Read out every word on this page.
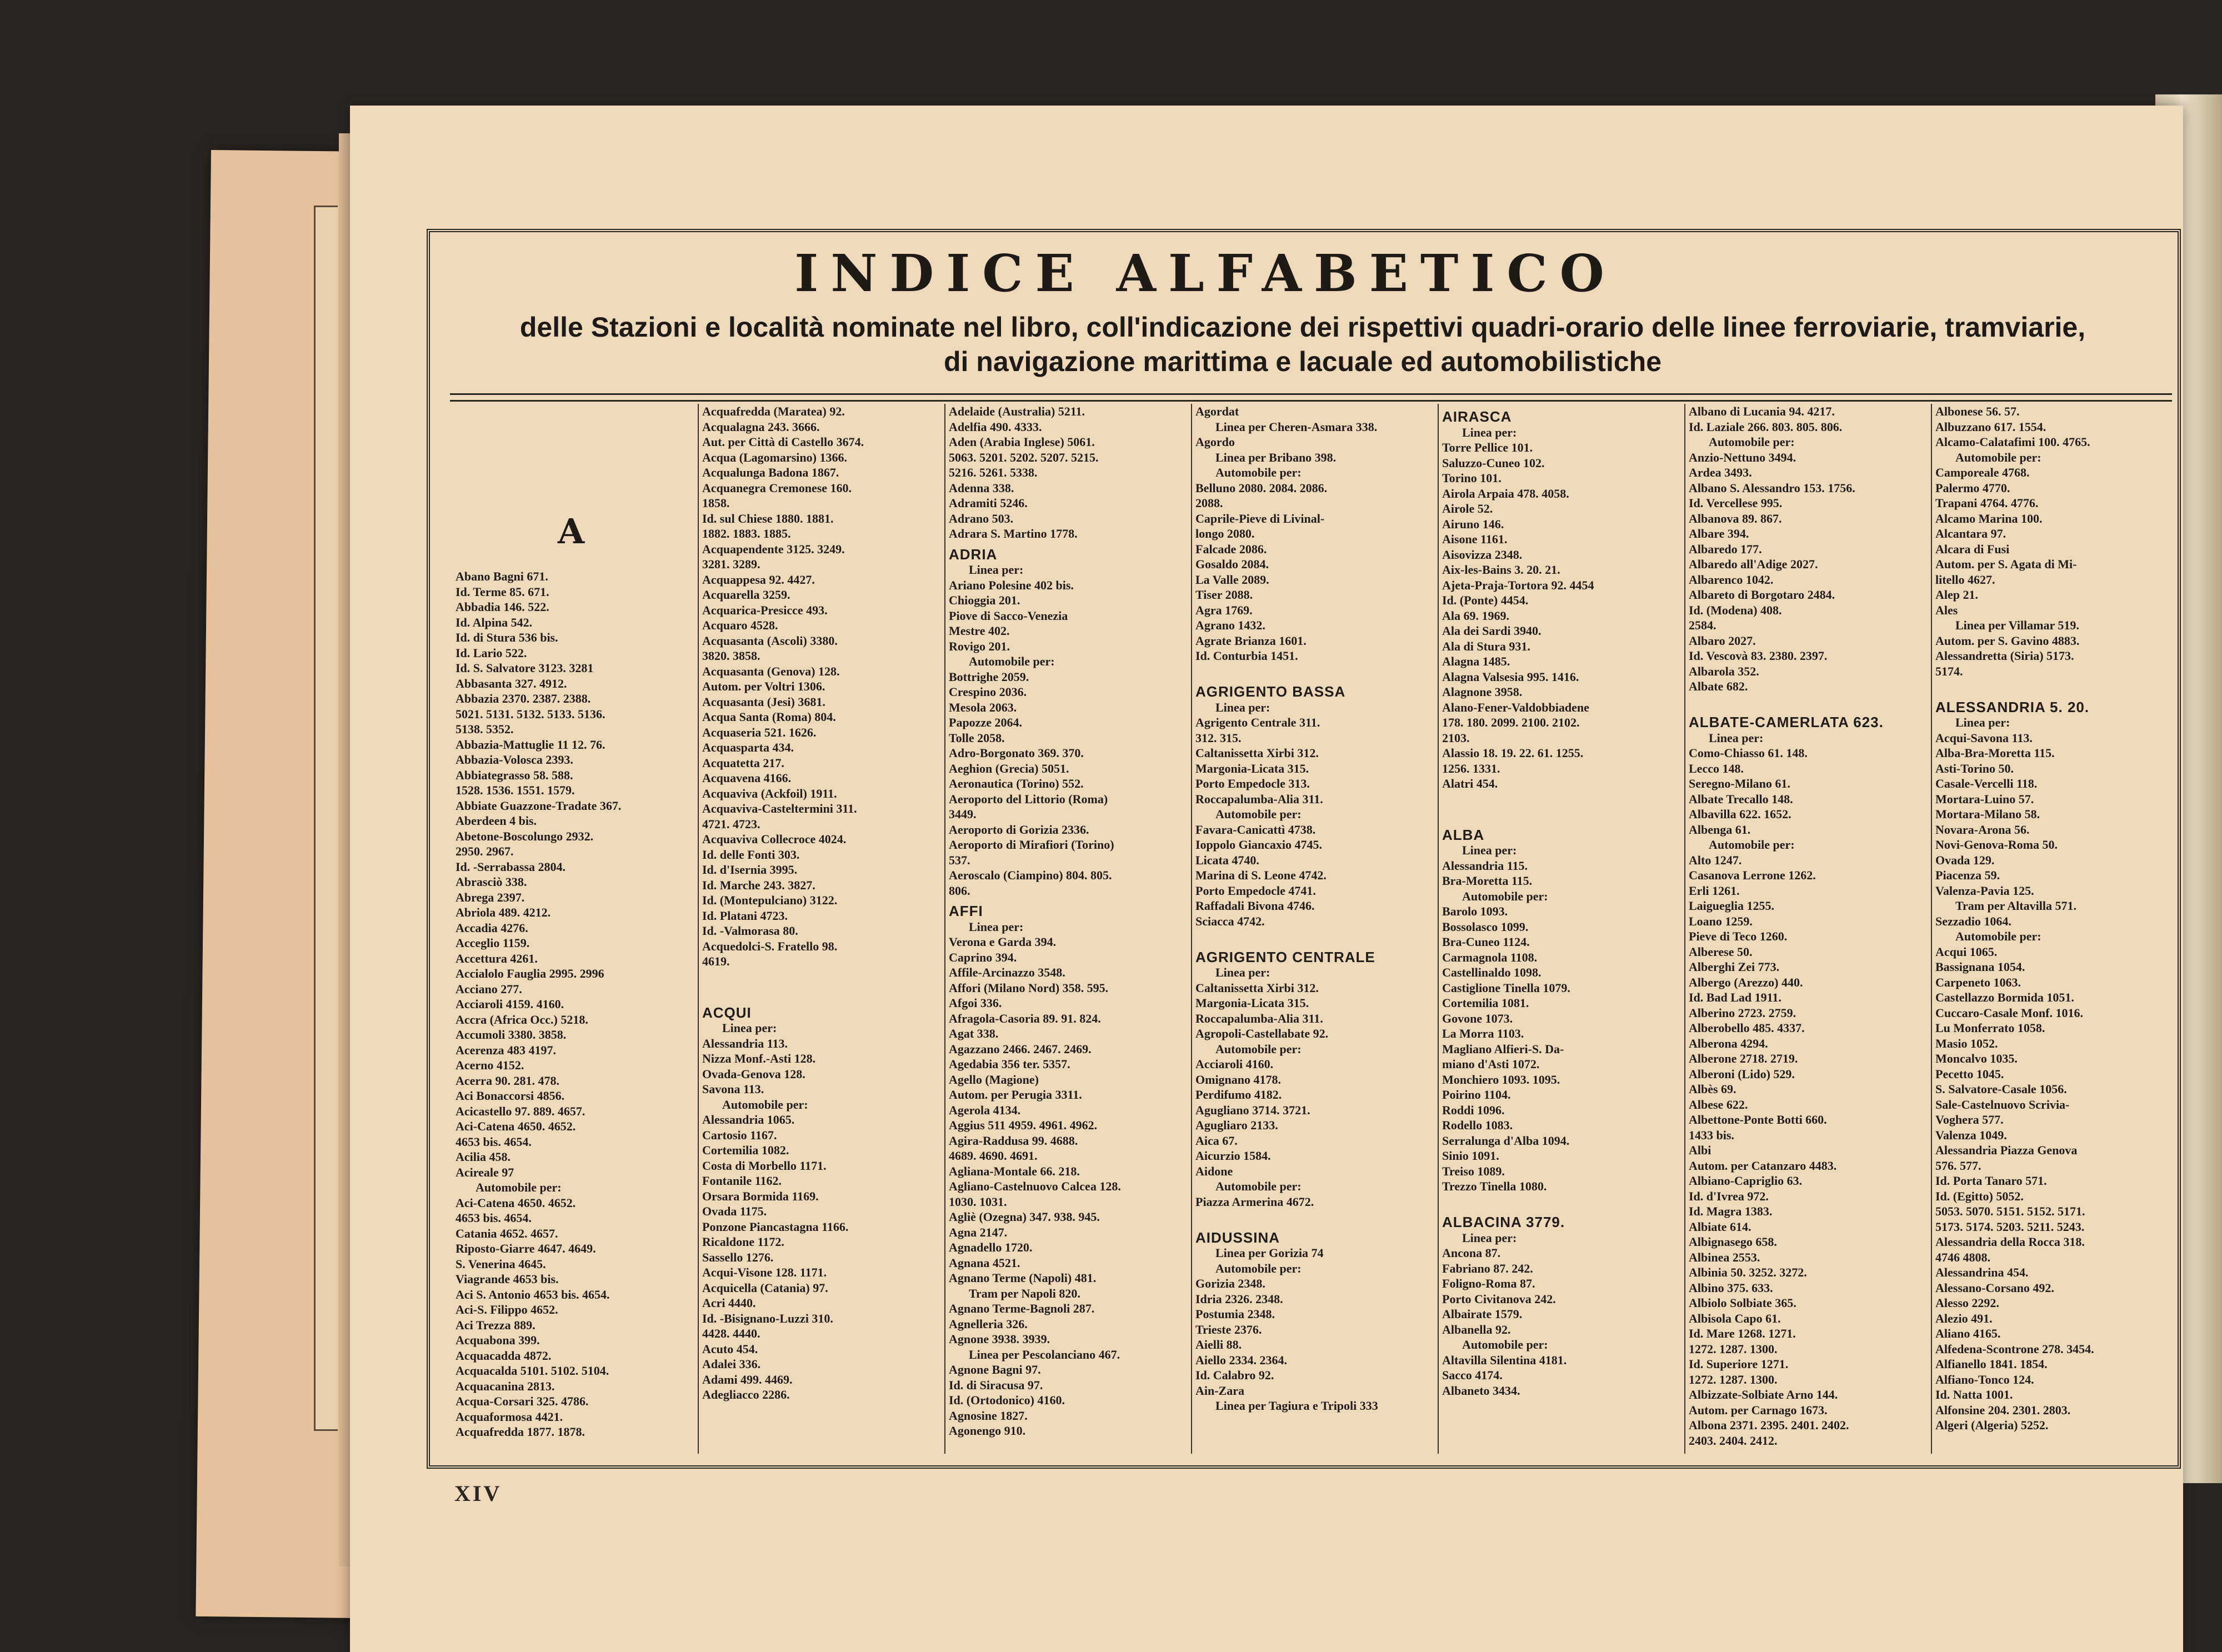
INDICE ALFABETICO
delle Stazioni e località nominate nel libro, coll'indicazione dei rispettivi quadri-orario delle linee ferroviarie, tramviarie,
di navigazione marittima e lacuale ed automobilistiche
A
Abano Bagni 671.
Id. Terme 85. 671.
Abbadia 146. 522.
Id. Alpina 542.
Id. di Stura 536 bis.
Id. Lario 522.
Id. S. Salvatore 3123. 3281
Abbasanta 327. 4912.
Abbazia 2370. 2387. 2388.
5021. 5131. 5132. 5133. 5136.
5138. 5352.
Abbazia-Mattuglie 11 12. 76.
Abbazia-Volosca 2393.
Abbiategrasso 58. 588.
1528. 1536. 1551. 1579.
Abbiate Guazzone-Tradate 367.
Aberdeen 4 bis.
Abetone-Boscolungo 2932.
2950. 2967.
Id. -Serrabassa 2804.
Abrasciò 338.
Abrega 2397.
Abriola 489. 4212.
Accadia 4276.
Acceglio 1159.
Accettura 4261.
Accialolo Fauglia 2995. 2996
Acciano 277.
Acciaroli 4159. 4160.
Accra (Africa Occ.) 5218.
Accumoli 3380. 3858.
Acerenza 483 4197.
Acerno 4152.
Acerra 90. 281. 478.
Aci Bonaccorsi 4856.
Acicastello 97. 889. 4657.
Aci-Catena 4650. 4652.
4653 bis. 4654.
Acilia 458.
Acireale 97
Automobile per:
Aci-Catena 4650. 4652.
4653 bis. 4654.
Catania 4652. 4657.
Riposto-Giarre 4647. 4649.
S. Venerina 4645.
Viagrande 4653 bis.
Aci S. Antonio 4653 bis. 4654.
Aci-S. Filippo 4652.
Aci Trezza 889.
Acquabona 399.
Acquacadda 4872.
Acquacalda 5101. 5102. 5104.
Acquacanina 2813.
Acqua-Corsari 325. 4786.
Acquaformosa 4421.
Acquafredda 1877. 1878.
Acquafredda (Maratea) 92.
Acqualagna 243. 3666.
Aut. per Città di Castello 3674.
Acqua (Lagomarsino) 1366.
Acqualunga Badona 1867.
Acquanegra Cremonese 160.
1858.
Id. sul Chiese 1880. 1881.
1882. 1883. 1885.
Acquapendente 3125. 3249.
3281. 3289.
Acquappesa 92. 4427.
Acquarella 3259.
Acquarica-Presicce 493.
Acquaro 4528.
Acquasanta (Ascoli) 3380.
3820. 3858.
Acquasanta (Genova) 128.
Autom. per Voltri 1306.
Acquasanta (Jesi) 3681.
Acqua Santa (Roma) 804.
Acquaseria 521. 1626.
Acquasparta 434.
Acquatetta 217.
Acquavena 4166.
Acquaviva (Ackfoil) 1911.
Acquaviva-Casteltermini 311.
4721. 4723.
Acquaviva Collecroce 4024.
Id. delle Fonti 303.
Id. d'Isernia 3995.
Id. Marche 243. 3827.
Id. (Montepulciano) 3122.
Id. Platani 4723.
Id. -Valmorasa 80.
Acquedolci-S. Fratello 98.
4619.

ACQUI
Linea per:
Alessandria 113.
Nizza Monf.-Asti 128.
Ovada-Genova 128.
Savona 113.
Automobile per:
Alessandria 1065.
Cartosio 1167.
Cortemilia 1082.
Costa di Morbello 1171.
Fontanile 1162.
Orsara Bormida 1169.
Ovada 1175.
Ponzone Piancastagna 1166.
Ricaldone 1172.
Sassello 1276.
Acqui-Visone 128. 1171.
Acquicella (Catania) 97.
Acri 4440.
Id. -Bisignano-Luzzi 310.
4428. 4440.
Acuto 454.
Adalei 336.
Adami 499. 4469.
Adegliacco 2286.
Adelaide (Australia) 5211.
Adelfia 490. 4333.
Aden (Arabia Inglese) 5061.
5063. 5201. 5202. 5207. 5215.
5216. 5261. 5338.
Adenna 338.
Adramiti 5246.
Adrano 503.
Adrara S. Martino 1778.
ADRIA
Linea per:
Ariano Polesine 402 bis.
Chioggia 201.
Piove di Sacco-Venezia
Mestre 402.
Rovigo 201.
Automobile per:
Bottrighe 2059.
Crespino 2036.
Mesola 2063.
Papozze 2064.
Tolle 2058.
Adro-Borgonato 369. 370.
Aeghion (Grecia) 5051.
Aeronautica (Torino) 552.
Aeroporto del Littorio (Roma)
3449.
Aeroporto di Gorizia 2336.
Aeroporto di Mirafiori (Torino)
537.
Aeroscalo (Ciampino) 804. 805.
806.
AFFI
Linea per:
Verona e Garda 394.
Caprino 394.
Affile-Arcinazzo 3548.
Affori (Milano Nord) 358. 595.
Afgoi 336.
Afragola-Casoria 89. 91. 824.
Agat 338.
Agazzano 2466. 2467. 2469.
Agedabia 356 ter. 5357.
Agello (Magione)
Autom. per Perugia 3311.
Agerola 4134.
Aggius 511 4959. 4961. 4962.
Agira-Raddusa 99. 4688.
4689. 4690. 4691.
Agliana-Montale 66. 218.
Agliano-Castelnuovo Calcea 128.
1030. 1031.
Agliè (Ozegna) 347. 938. 945.
Agna 2147.
Agnadello 1720.
Agnana 4521.
Agnano Terme (Napoli) 481.
Tram per Napoli 820.
Agnano Terme-Bagnoli 287.
Agnelleria 326.
Agnone 3938. 3939.
Linea per Pescolanciano 467.
Agnone Bagni 97.
Id. di Siracusa 97.
Id. (Ortodonico) 4160.
Agnosine 1827.
Agonengo 910.
Agordat
Linea per Cheren-Asmara 338.
Agordo
Linea per Bribano 398.
Automobile per:
Belluno 2080. 2084. 2086.
2088.
Caprile-Pieve di Livinal-
longo 2080.
Falcade 2086.
Gosaldo 2084.
La Valle 2089.
Tiser 2088.
Agra 1769.
Agrano 1432.
Agrate Brianza 1601.
Id. Conturbia 1451.

AGRIGENTO BASSA
Linea per:
Agrigento Centrale 311.
312. 315.
Caltanissetta Xirbi 312.
Margonia-Licata 315.
Porto Empedocle 313.
Roccapalumba-Alia 311.
Automobile per:
Favara-Canicattì 4738.
Ioppolo Giancaxio 4745.
Licata 4740.
Marina di S. Leone 4742.
Porto Empedocle 4741.
Raffadali Bivona 4746.
Sciacca 4742.

AGRIGENTO CENTRALE
Linea per:
Caltanissetta Xirbi 312.
Margonia-Licata 315.
Roccapalumba-Alia 311.
Agropoli-Castellabate 92.
Automobile per:
Acciaroli 4160.
Omignano 4178.
Perdifumo 4182.
Agugliano 3714. 3721.
Agugliaro 2133.
Aica 67.
Aicurzio 1584.
Aidone
Automobile per:
Piazza Armerina 4672.

AIDUSSINA
Linea per Gorizia 74
Automobile per:
Gorizia 2348.
Idria 2326. 2348.
Postumia 2348.
Trieste 2376.
Aielli 88.
Aiello 2334. 2364.
Id. Calabro 92.
Ain-Zara
Linea per Tagiura e Tripoli 333
AIRASCA
Linea per:
Torre Pellice 101.
Saluzzo-Cuneo 102.
Torino 101.
Airola Arpaia 478. 4058.
Airole 52.
Airuno 146.
Aisone 1161.
Aisovizza 2348.
Aix-les-Bains 3. 20. 21.
Ajeta-Praja-Tortora 92. 4454
Id. (Ponte) 4454.
Ala 69. 1969.
Ala dei Sardi 3940.
Ala di Stura 931.
Alagna 1485.
Alagna Valsesia 995. 1416.
Alagnone 3958.
Alano-Fener-Valdobbiadene
178. 180. 2099. 2100. 2102.
2103.
Alassio 18. 19. 22. 61. 1255.
1256. 1331.
Alatri 454.

ALBA
Linea per:
Alessandria 115.
Bra-Moretta 115.
Automobile per:
Barolo 1093.
Bossolasco 1099.
Bra-Cuneo 1124.
Carmagnola 1108.
Castellinaldo 1098.
Castiglione Tinella 1079.
Cortemilia 1081.
Govone 1073.
La Morra 1103.
Magliano Alfieri-S. Da-
miano d'Asti 1072.
Monchiero 1093. 1095.
Poirino 1104.
Roddi 1096.
Rodello 1083.
Serralunga d'Alba 1094.
Sinio 1091.
Treiso 1089.
Trezzo Tinella 1080.

ALBACINA 3779.
Linea per:
Ancona 87.
Fabriano 87. 242.
Foligno-Roma 87.
Porto Civitanova 242.
Albairate 1579.
Albanella 92.
Automobile per:
Altavilla Silentina 4181.
Sacco 4174.
Albaneto 3434.
Albano di Lucania 94. 4217.
Id. Laziale 266. 803. 805. 806.
Automobile per:
Anzio-Nettuno 3494.
Ardea 3493.
Albano S. Alessandro 153. 1756.
Id. Vercellese 995.
Albanova 89. 867.
Albare 394.
Albaredo 177.
Albaredo all'Adige 2027.
Albarenco 1042.
Albareto di Borgotaro 2484.
Id. (Modena) 408.
2584.
Albaro 2027.
Id. Vescovà 83. 2380. 2397.
Albarola 352.
Albate 682.

ALBATE-CAMERLATA 623.
Linea per:
Como-Chiasso 61. 148.
Lecco 148.
Seregno-Milano 61.
Albate Trecallo 148.
Albavilla 622. 1652.
Albenga 61.
Automobile per:
Alto 1247.
Casanova Lerrone 1262.
Erli 1261.
Laigueglia 1255.
Loano 1259.
Pieve di Teco 1260.
Alberese 50.
Alberghi Zei 773.
Albergo (Arezzo) 440.
Id. Bad Lad 1911.
Alberino 2723. 2759.
Alberobello 485. 4337.
Alberona 4294.
Alberone 2718. 2719.
Alberoni (Lido) 529.
Albès 69.
Albese 622.
Albettone-Ponte Botti 660.
1433 bis.
Albi
Autom. per Catanzaro 4483.
Albiano-Capriglio 63.
Id. d'Ivrea 972.
Id. Magra 1383.
Albiate 614.
Albignasego 658.
Albinea 2553.
Albinia 50. 3252. 3272.
Albino 375. 633.
Albiolo Solbiate 365.
Albisola Capo 61.
Id. Mare 1268. 1271.
1272. 1287. 1300.
Id. Superiore 1271.
1272. 1287. 1300.
Albizzate-Solbiate Arno 144.
Autom. per Carnago 1673.
Albona 2371. 2395. 2401. 2402.
2403. 2404. 2412.
Albonese 56. 57.
Albuzzano 617. 1554.
Alcamo-Calatafimi 100. 4765.
Automobile per:
Camporeale 4768.
Palermo 4770.
Trapani 4764. 4776.
Alcamo Marina 100.
Alcantara 97.
Alcara di Fusi
Autom. per S. Agata di Mi-
litello 4627.
Alep 21.
Ales
Linea per Villamar 519.
Autom. per S. Gavino 4883.
Alessandretta (Siria) 5173.
5174.

ALESSANDRIA 5. 20.
Linea per:
Acqui-Savona 113.
Alba-Bra-Moretta 115.
Asti-Torino 50.
Casale-Vercelli 118.
Mortara-Luino 57.
Mortara-Milano 58.
Novara-Arona 56.
Novi-Genova-Roma 50.
Ovada 129.
Piacenza 59.
Valenza-Pavia 125.
Tram per Altavilla 571.
Sezzadio 1064.
Automobile per:
Acqui 1065.
Bassignana 1054.
Carpeneto 1063.
Castellazzo Bormida 1051.
Cuccaro-Casale Monf. 1016.
Lu Monferrato 1058.
Masio 1052.
Moncalvo 1035.
Pecetto 1045.
S. Salvatore-Casale 1056.
Sale-Castelnuovo Scrivia-
Voghera 577.
Valenza 1049.
Alessandria Piazza Genova
576. 577.
Id. Porta Tanaro 571.
Id. (Egitto) 5052.
5053. 5070. 5151. 5152. 5171.
5173. 5174. 5203. 5211. 5243.
Alessandria della Rocca 318.
4746 4808.
Alessandrina 454.
Alessano-Corsano 492.
Alesso 2292.
Alezio 491.
Aliano 4165.
Alfedena-Scontrone 278. 3454.
Alfianello 1841. 1854.
Alfiano-Tonco 124.
Id. Natta 1001.
Alfonsine 204. 2301. 2803.
Algeri (Algeria) 5252.
XIV
